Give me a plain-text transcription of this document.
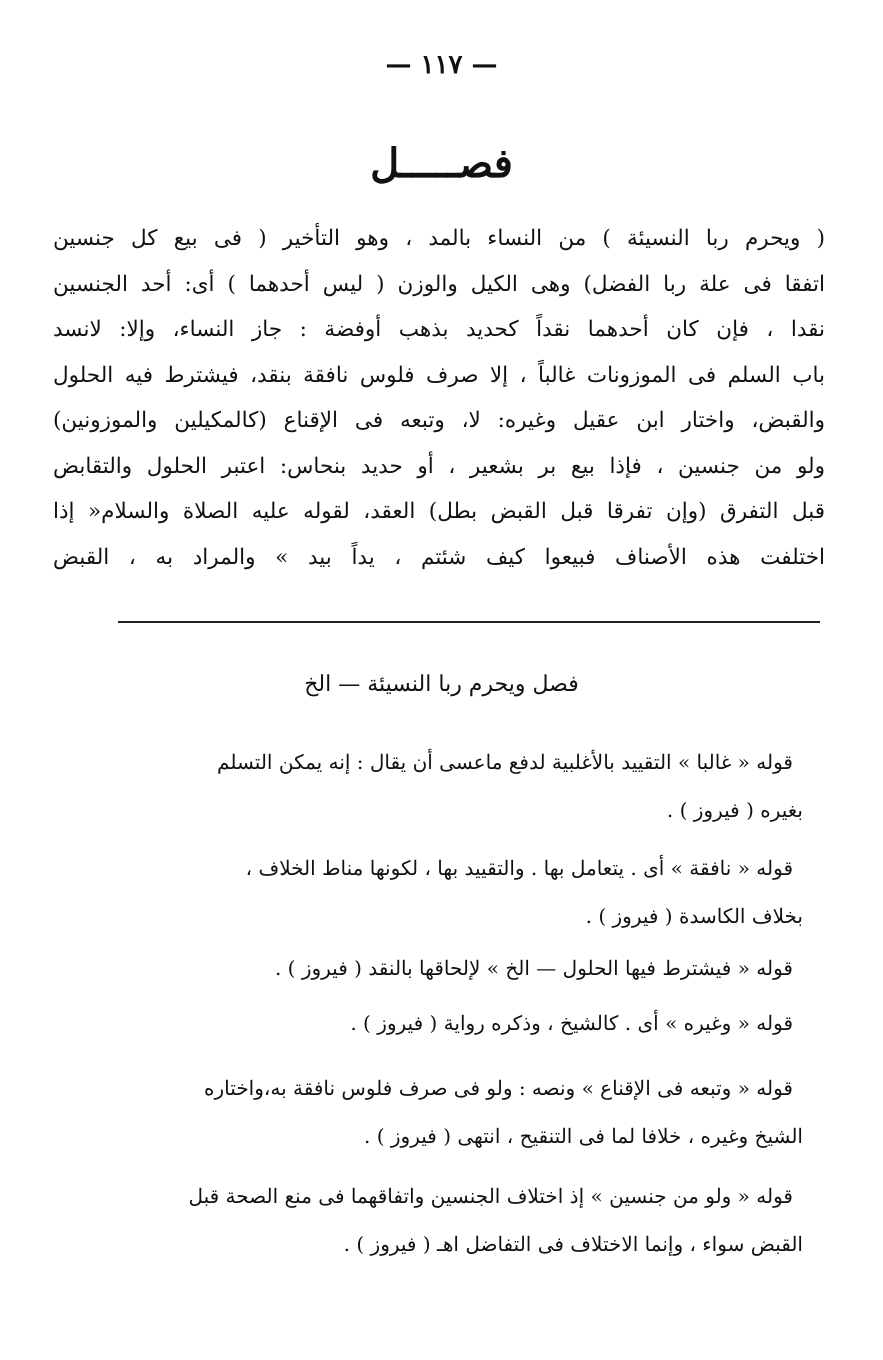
— ١١٧ —
فصـــــل
( ويحرم ربا النسيئة ) من النساء بالمد ، وهو التأخير ( فى بيع كل جنسين
اتفقا فى علة ربا الفضل) وهى الكيل والوزن ( ليس أحدهما ) أى: أحد الجنسين
نقدا ، فإن كان أحدهما نقداً كحديد بذهب أوفضة : جاز النساء، وإلا: لانسد
باب السلم فى الموزونات غالباً ، إلا صرف فلوس نافقة بنقد، فيشترط فيه الحلول
والقبض، واختار ابن عقيل وغيره: لا، وتبعه فى الإقناع (كالمكيلين والموزونين)
ولو من جنسين ، فإذا بيع بر بشعير ، أو حديد بنحاس: اعتبر الحلول والتقابض
قبل التفرق (وإن تفرقا قبل القبض بطل) العقد، لقوله عليه الصلاة والسلام« إذا
اختلفت هذه الأصناف فبيعوا كيف شئتم ، يداً بيد » والمراد به ، القبض
فصل ويحرم ربا النسيئة — الخ
قوله « غالبا » التقييد بالأغلبية لدفع ماعسى أن يقال : إنه يمكن التسلم
بغيره ( فيروز ) .
قوله « نافقة » أى . يتعامل بها . والتقييد بها ، لكونها مناط الخلاف ،
بخلاف الكاسدة ( فيروز ) .
قوله « فيشترط فيها الحلول — الخ » لإلحاقها بالنقد ( فيروز ) .
قوله « وغيره » أى . كالشيخ ، وذكره رواية ( فيروز ) .
قوله « وتبعه فى الإقناع » ونصه : ولو فى صرف فلوس نافقة به،واختاره
الشيخ وغيره ، خلافا لما فى التنقيح ، انتهى ( فيروز ) .
قوله « ولو من جنسين » إذ اختلاف الجنسين واتفاقهما فى منع الصحة قبل
القبض سواء ، وإنما الاختلاف فى التفاضل اهـ ( فيروز ) .
